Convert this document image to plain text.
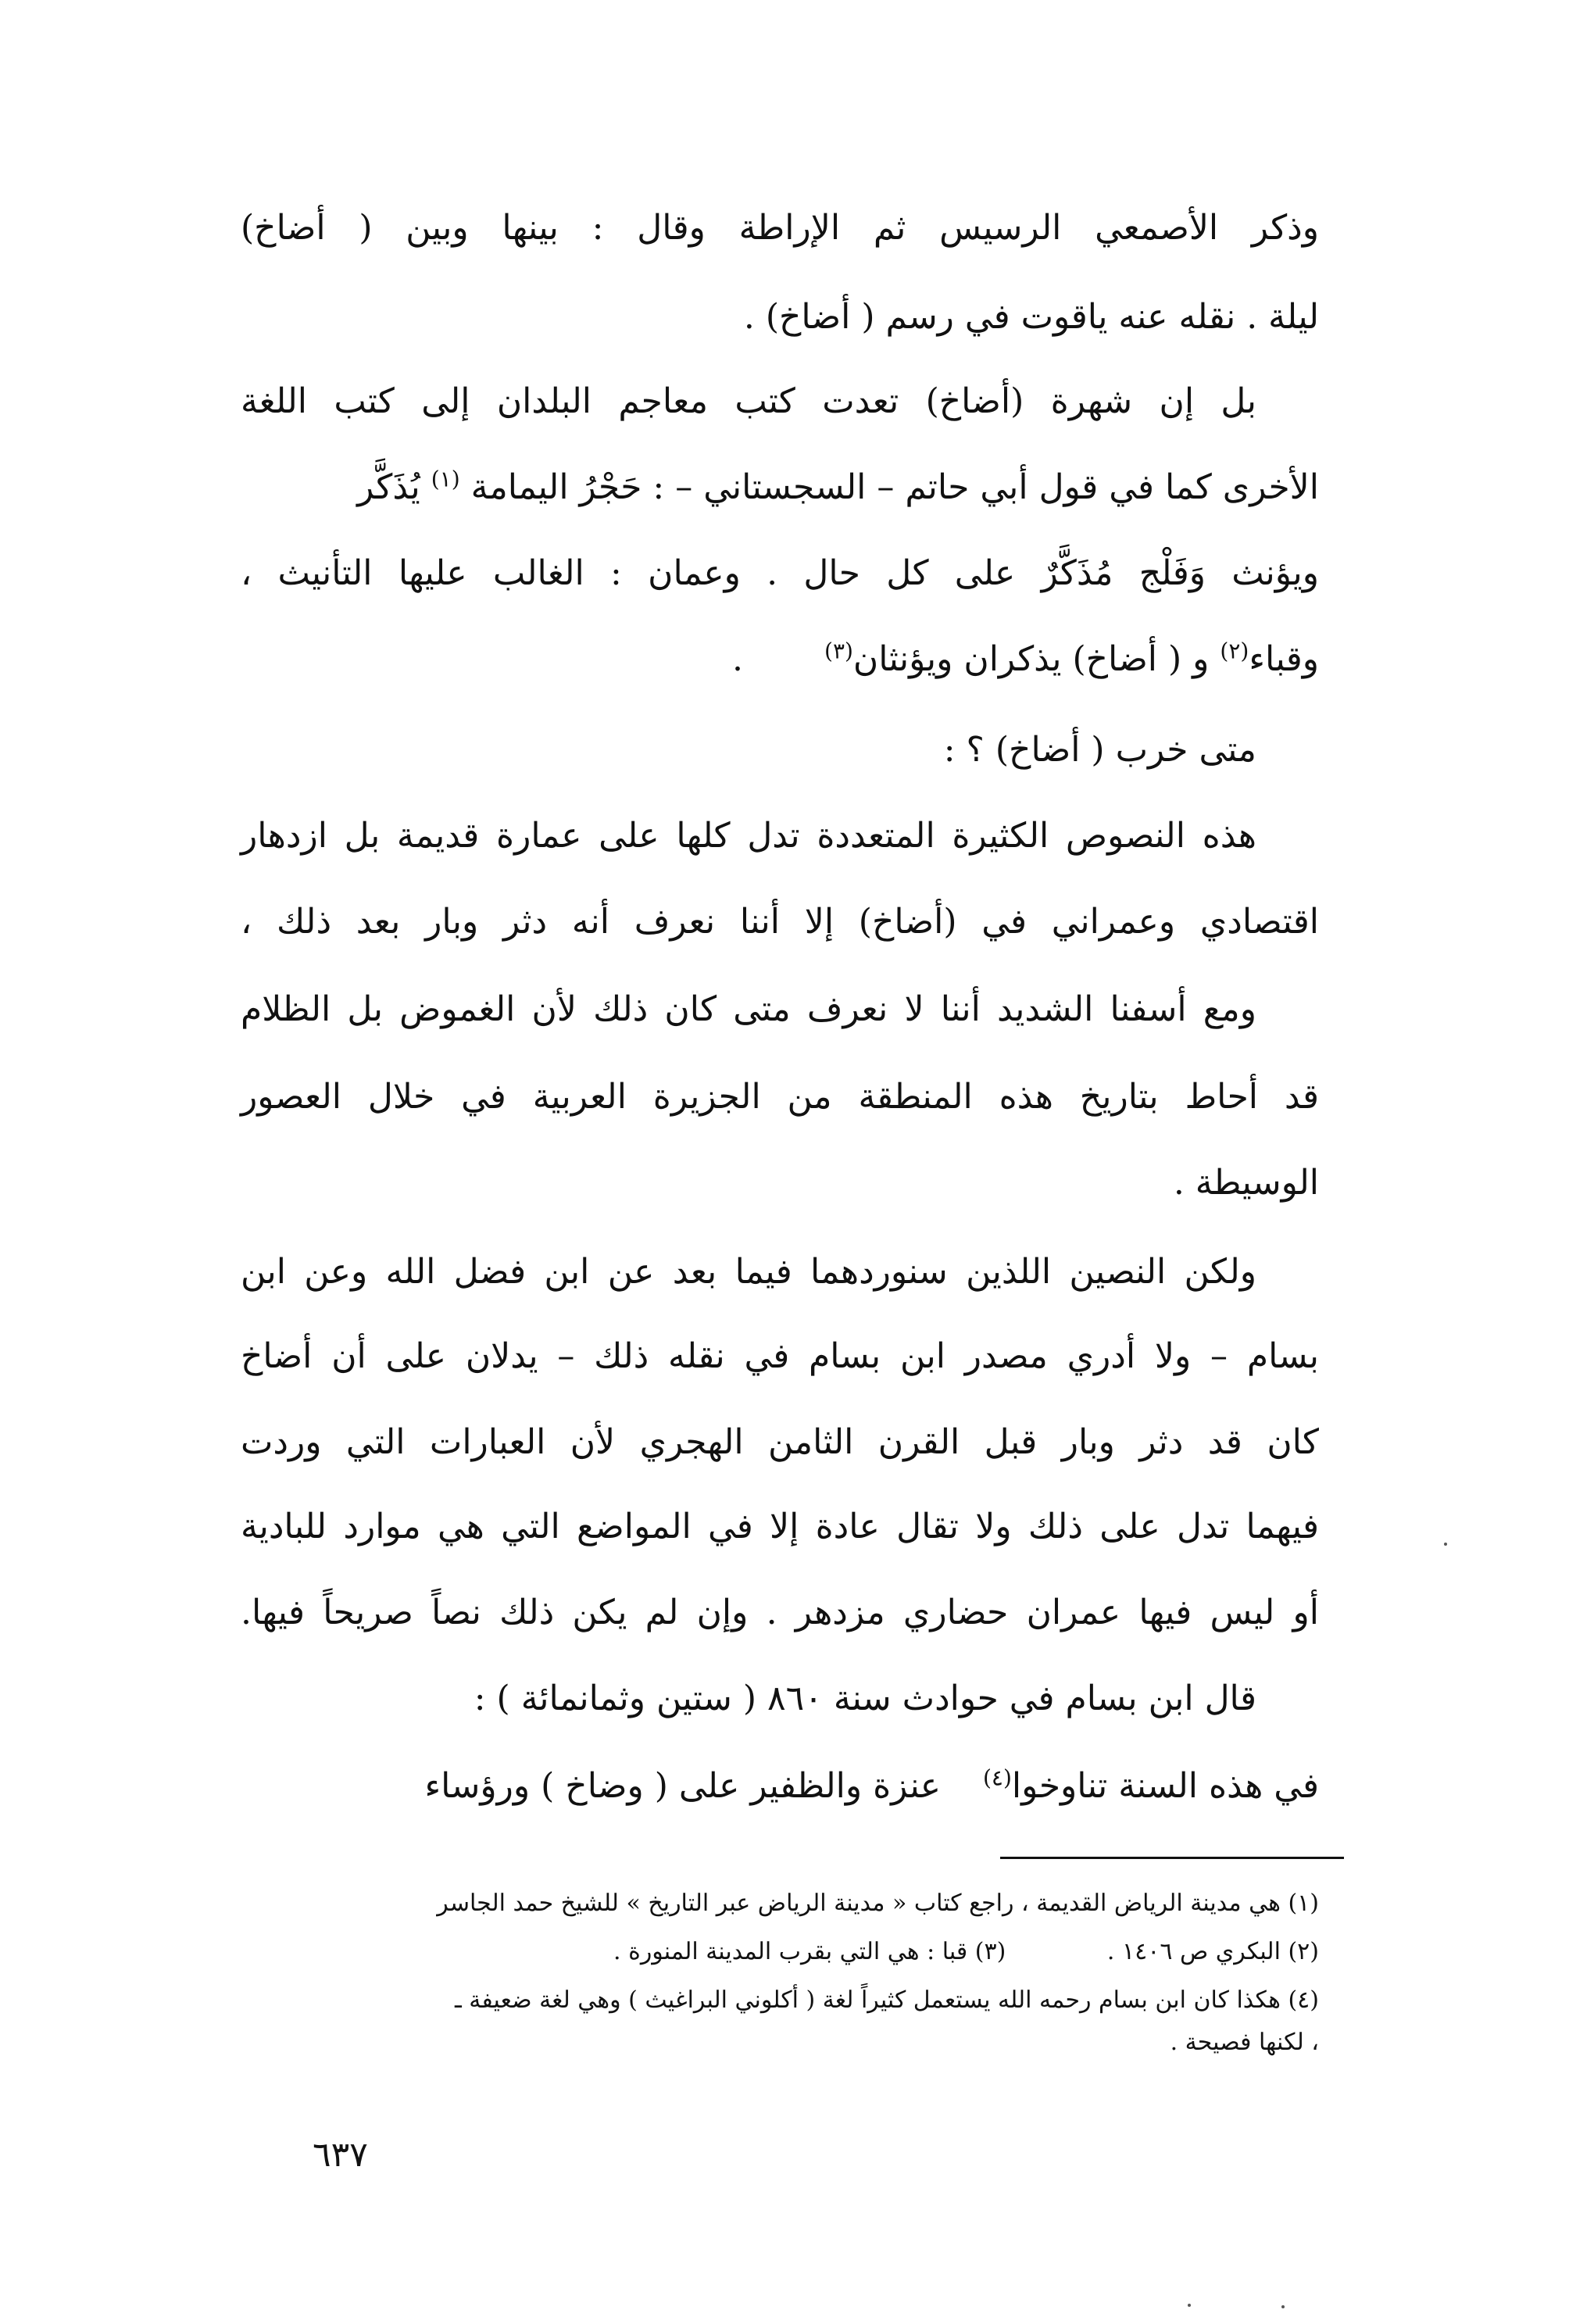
وذكر الأصمعي الرسيس ثم الإراطة وقال : بينها وبين ( أضاخ)
ليلة . نقله عنه ياقوت في رسم ( أضاخ) .
بل إن شهرة (أضاخ) تعدت كتب معاجم البلدان إلى كتب اللغة
الأخرى كما في قول أبي حاتم – السجستاني – : حَجْرُ اليمامة $^{(١)}$ يُذَكَّر
ويؤنث وَفَلْج مُذَكَّرٌ على كل حال . وعمان : الغالب عليها التأنيث ،
وقباء$^{(٢)}$ و ( أضاخ) يذكران ويؤنثان$^{(٣)}$ .
متى خرب ( أضاخ) ؟ :
هذه النصوص الكثيرة المتعددة تدل كلها على عمارة قديمة بل ازدهار
اقتصادي وعمراني في (أضاخ) إلا أننا نعرف أنه دثر وبار بعد ذلك ،
ومع أسفنا الشديد أننا لا نعرف متى كان ذلك لأن الغموض بل الظلام
قد أحاط بتاريخ هذه المنطقة من الجزيرة العربية في خلال العصور
الوسيطة .
ولكن النصين اللذين سنوردهما فيما بعد عن ابن فضل الله وعن ابن
بسام – ولا أدري مصدر ابن بسام في نقله ذلك – يدلان على أن أضاخ
كان قد دثر وبار قبل القرن الثامن الهجري لأن العبارات التي وردت
فيهما تدل على ذلك ولا تقال عادة إلا في المواضع التي هي موارد للبادية
أو ليس فيها عمران حضاري مزدهر . وإن لم يكن ذلك نصاً صريحاً فيها.
قال ابن بسام في حوادث سنة ٨٦٠ ( ستين وثمانمائة ) :
في هذه السنة تناوخوا$^{(٤)}$ عنزة والظفير على ( وضاخ ) ورؤساء
(١) هي مدينة الرياض القديمة ، راجع كتاب « مدينة الرياض عبر التاريخ » للشيخ حمد الجاسر
(٢) البكري ص ١٤٠٦ . (٣) قبا : هي التي بقرب المدينة المنورة .
(٤) هكذا كان ابن بسام رحمه الله يستعمل كثيراً لغة ( أكلوني البراغيث ) وهي لغة ضعيفة ـ
، لكنها فصيحة .
٦٣٧
